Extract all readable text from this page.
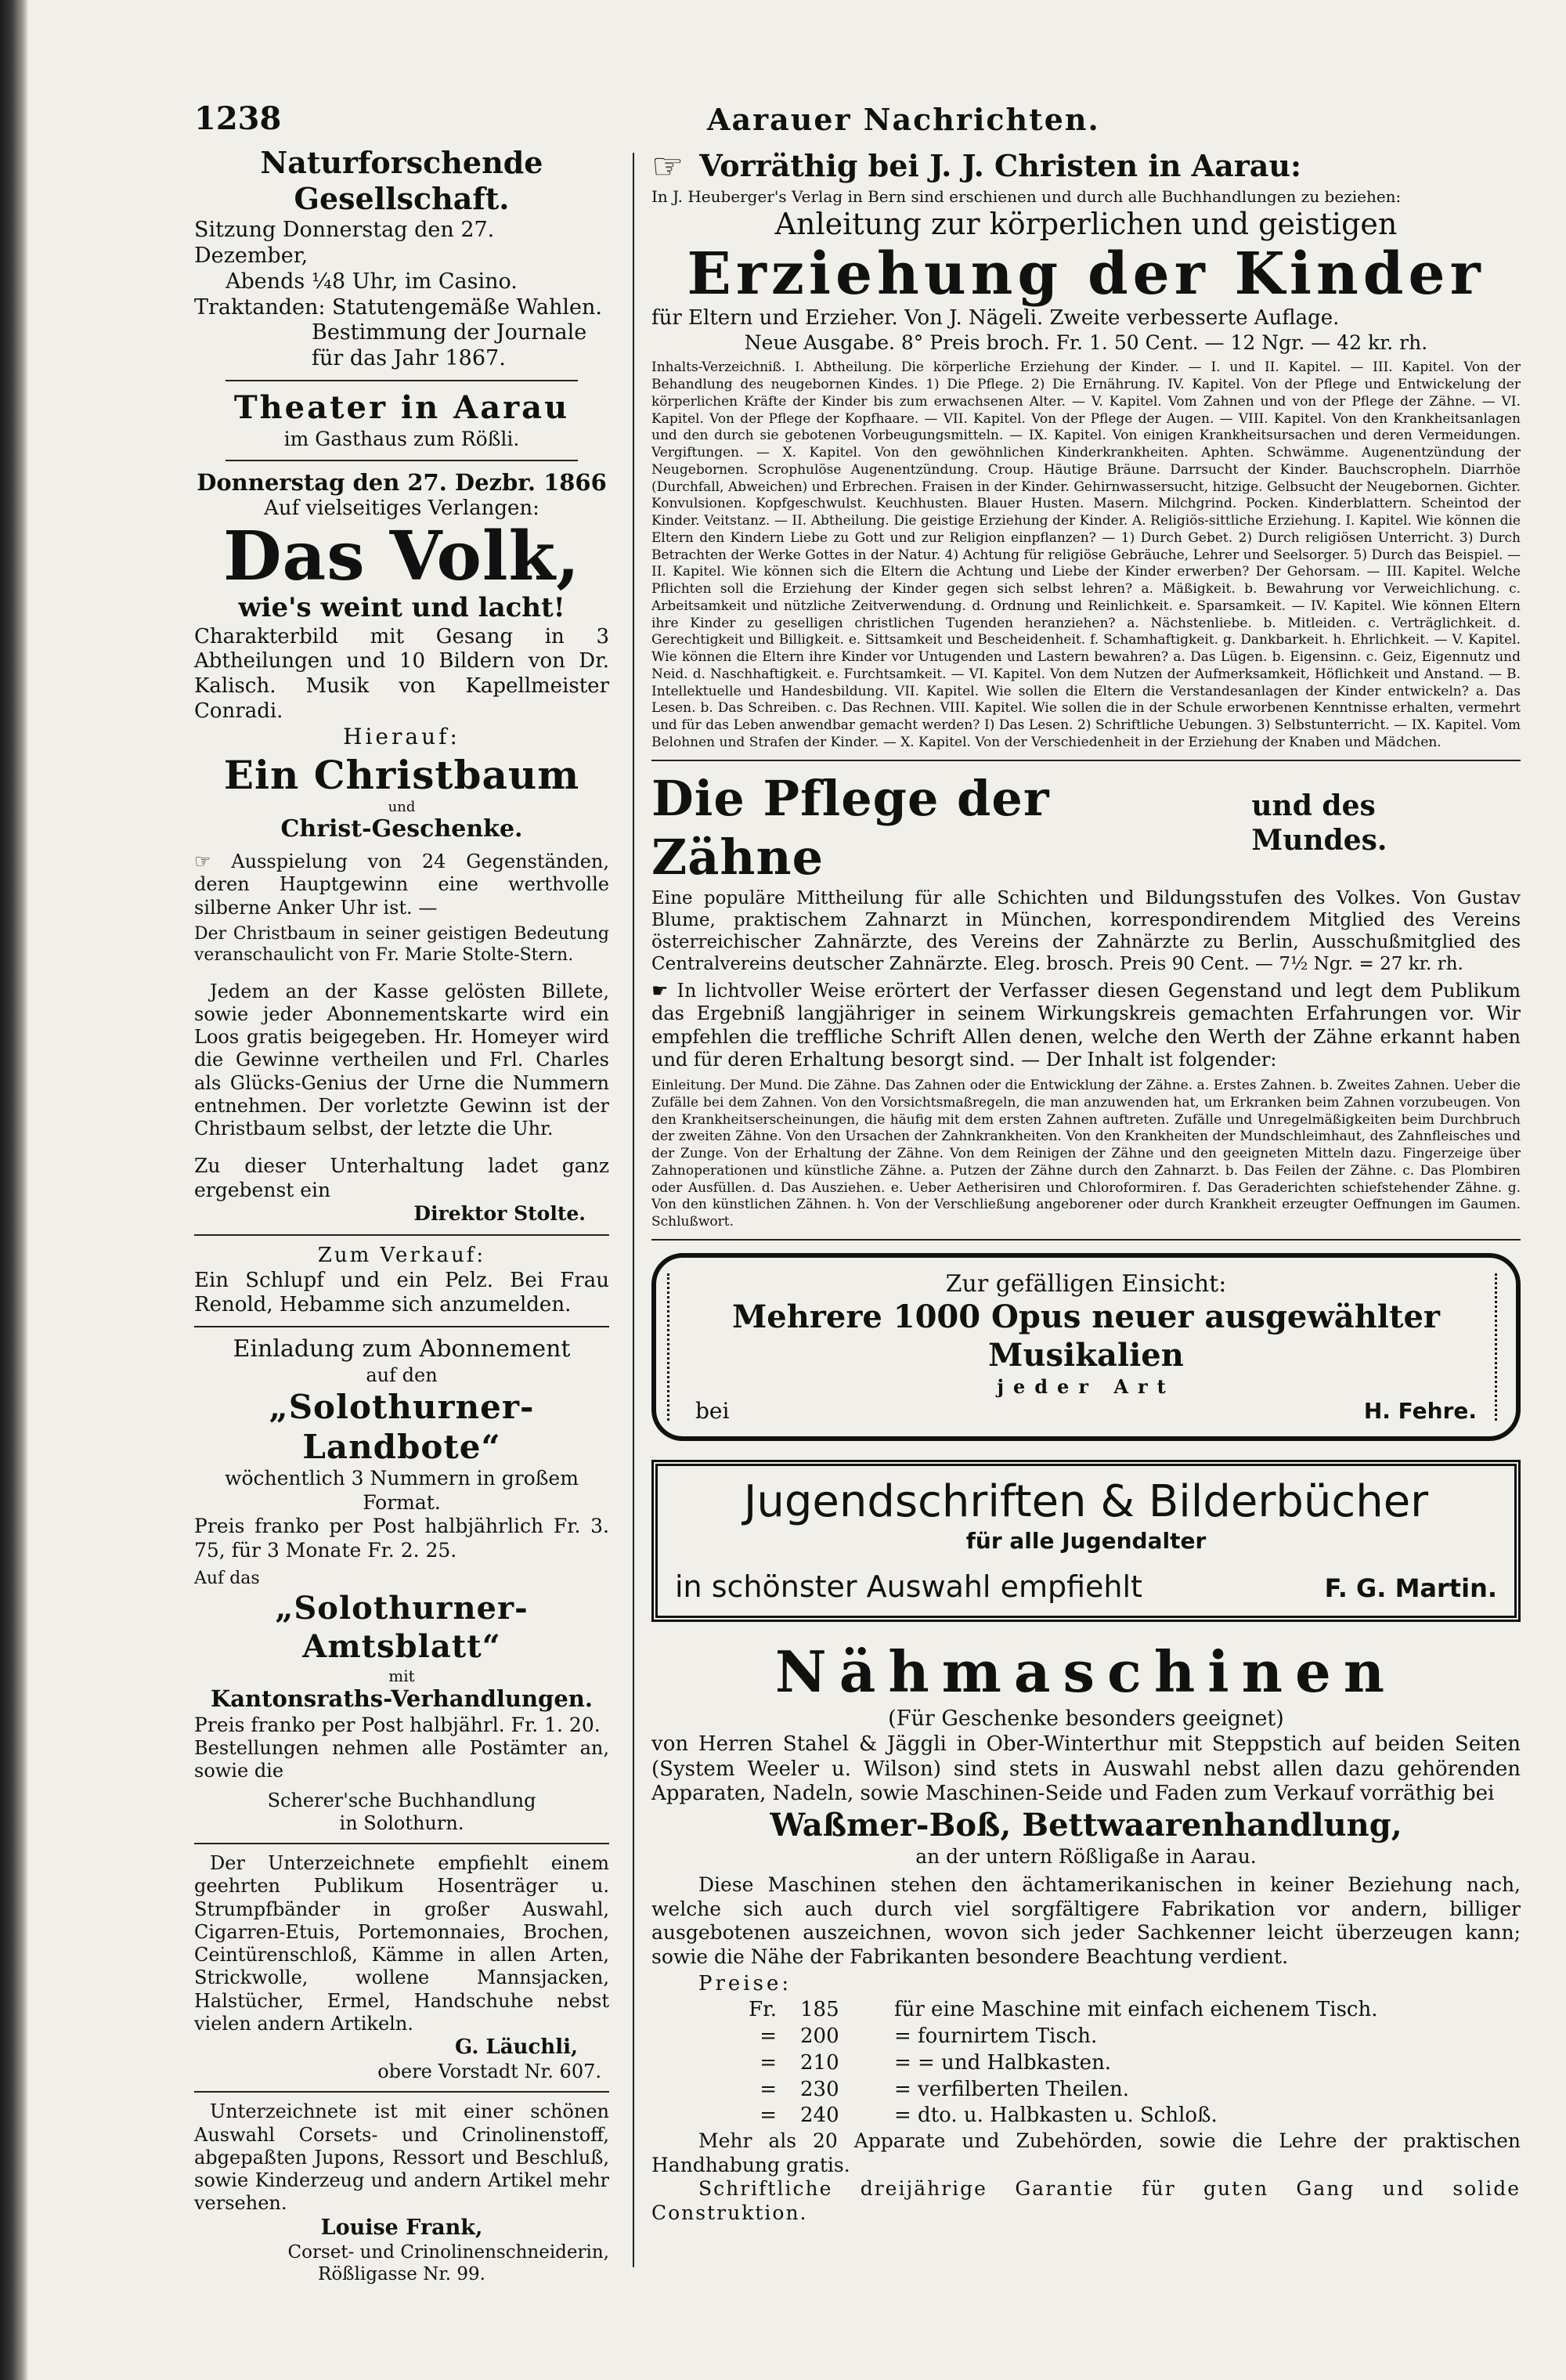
1238	Aarauer Nachrichten.

Naturforschende Gesellschaft.

Sitzung Donnerstag den 27. Dezember,

Abends ¼8 Uhr, im Casino.

Traktanden: Statutengemäße Wahlen.

Bestimmung der Journale

für das Jahr 1867.

Theater in Aarau

im Gasthaus zum Rößli.

Donnerstag den 27. Dezbr. 1866

Auf vielseitiges Verlangen:

Das Volk,

wie's weint und lacht!

Charakterbild mit Gesang in 3 Abtheilungen und 10 Bildern von Dr. Kalisch. Musik von Kapellmeister Conradi.

Hierauf:

Ein Christbaum

und

Christ-Geschenke.

☞ Ausspielung von 24 Gegenständen, deren Hauptgewinn eine werthvolle silberne Anker Uhr ist. —

Der Christbaum in seiner geistigen Bedeutung veranschaulicht von Fr. Marie Stolte-Stern.

Jedem an der Kasse gelösten Billete, sowie jeder Abonnementskarte wird ein Loos gratis beigegeben. Hr. Homeyer wird die Gewinne vertheilen und Frl. Charles als Glücks-Genius der Urne die Nummern entnehmen. Der vorletzte Gewinn ist der Christbaum selbst, der letzte die Uhr.

Zu dieser Unterhaltung ladet ganz ergebenst ein

Direktor Stolte.

Zum Verkauf:

Ein Schlupf und ein Pelz. Bei Frau Renold, Hebamme sich anzumelden.

Einladung zum Abonnement

auf den

„Solothurner-Landbote“

wöchentlich 3 Nummern in großem Format.

Preis franko per Post halbjährlich Fr. 3. 75, für 3 Monate Fr. 2. 25.

Auf das

„Solothurner-Amtsblatt“

mit

Kantonsraths-Verhandlungen.

Preis franko per Post halbjährl. Fr. 1. 20.

Bestellungen nehmen alle Postämter an, sowie die

Scherer'sche Buchhandlung

in Solothurn.

Der Unterzeichnete empfiehlt einem geehrten Publikum Hosenträger u. Strumpfbänder in großer Auswahl, Cigarren-Etuis, Portemonnaies, Brochen, Ceintürenschloß, Kämme in allen Arten, Strickwolle, wollene Mannsjacken, Halstücher, Ermel, Handschuhe nebst vielen andern Artikeln.

G. Läuchli,

obere Vorstadt Nr. 607.

Unterzeichnete ist mit einer schönen Auswahl Corsets- und Crinolinenstoff, abgepaßten Jupons, Ressort und Beschluß, sowie Kinderzeug und andern Artikel mehr versehen.

Louise Frank,

Corset- und Crinolinenschneiderin,

Rößligasse Nr. 99.

☞ Vorräthig bei J. J. Christen in Aarau:

In J. Heuberger's Verlag in Bern sind erschienen und durch alle Buchhandlungen zu beziehen:

Anleitung zur körperlichen und geistigen

Erziehung der Kinder

für Eltern und Erzieher. Von J. Nägeli. Zweite verbesserte Auflage.

Neue Ausgabe. 8° Preis broch. Fr. 1. 50 Cent. — 12 Ngr. — 42 kr. rh.

Inhalts-Verzeichniß. I. Abtheilung. Die körperliche Erziehung der Kinder. — I. und II. Kapitel. — III. Kapitel. Von der Behandlung des neugebornen Kindes. 1) Die Pflege. 2) Die Ernährung. IV. Kapitel. Von der Pflege und Entwickelung der körperlichen Kräfte der Kinder bis zum erwachsenen Alter. — V. Kapitel. Vom Zahnen und von der Pflege der Zähne. — VI. Kapitel. Von der Pflege der Kopfhaare. — VII. Kapitel. Von der Pflege der Augen. — VIII. Kapitel. Von den Krankheitsanlagen und den durch sie gebotenen Vorbeugungsmitteln. — IX. Kapitel. Von einigen Krankheitsursachen und deren Vermeidungen. Vergiftungen. — X. Kapitel. Von den gewöhnlichen Kinderkrankheiten. Aphten. Schwämme. Augenentzündung der Neugebornen. Scrophulöse Augenentzündung. Croup. Häutige Bräune. Darrsucht der Kinder. Bauchscropheln. Diarrhöe (Durchfall, Abweichen) und Erbrechen. Fraisen in der Kinder. Gehirnwassersucht, hitzige. Gelbsucht der Neugebornen. Gichter. Konvulsionen. Kopfgeschwulst. Keuchhusten. Blauer Husten. Masern. Milchgrind. Pocken. Kinderblattern. Scheintod der Kinder. Veitstanz. — II. Abtheilung. Die geistige Erziehung der Kinder. A. Religiös-sittliche Erziehung. I. Kapitel. Wie können die Eltern den Kindern Liebe zu Gott und zur Religion einpflanzen? — 1) Durch Gebet. 2) Durch religiösen Unterricht. 3) Durch Betrachten der Werke Gottes in der Natur. 4) Achtung für religiöse Gebräuche, Lehrer und Seelsorger. 5) Durch das Beispiel. — II. Kapitel. Wie können sich die Eltern die Achtung und Liebe der Kinder erwerben? Der Gehorsam. — III. Kapitel. Welche Pflichten soll die Erziehung der Kinder gegen sich selbst lehren? a. Mäßigkeit. b. Bewahrung vor Verweichlichung. c. Arbeitsamkeit und nützliche Zeitverwendung. d. Ordnung und Reinlichkeit. e. Sparsamkeit. — IV. Kapitel. Wie können Eltern ihre Kinder zu geselligen christlichen Tugenden heranziehen? a. Nächstenliebe. b. Mitleiden. c. Verträglichkeit. d. Gerechtigkeit und Billigkeit. e. Sittsamkeit und Bescheidenheit. f. Schamhaftigkeit. g. Dankbarkeit. h. Ehrlichkeit. — V. Kapitel. Wie können die Eltern ihre Kinder vor Untugenden und Lastern bewahren? a. Das Lügen. b. Eigensinn. c. Geiz, Eigennutz und Neid. d. Naschhaftigkeit. e. Furchtsamkeit. — VI. Kapitel. Von dem Nutzen der Aufmerksamkeit, Höflichkeit und Anstand. — B. Intellektuelle und Handesbildung. VII. Kapitel. Wie sollen die Eltern die Verstandesanlagen der Kinder entwickeln? a. Das Lesen. b. Das Schreiben. c. Das Rechnen. VIII. Kapitel. Wie sollen die in der Schule erworbenen Kenntnisse erhalten, vermehrt und für das Leben anwendbar gemacht werden? I) Das Lesen. 2) Schriftliche Uebungen. 3) Selbstunterricht. — IX. Kapitel. Vom Belohnen und Strafen der Kinder. — X. Kapitel. Von der Verschiedenheit in der Erziehung der Knaben und Mädchen.

Die Pflege der Zähne

und des Mundes.

Eine populäre Mittheilung für alle Schichten und Bildungsstufen des Volkes. Von Gustav Blume, praktischem Zahnarzt in München, korrespondirendem Mitglied des Vereins österreichischer Zahnärzte, des Vereins der Zahnärzte zu Berlin, Ausschußmitglied des Centralvereins deutscher Zahnärzte. Eleg. brosch. Preis 90 Cent. — 7½ Ngr. = 27 kr. rh.

☛ In lichtvoller Weise erörtert der Verfasser diesen Gegenstand und legt dem Publikum das Ergebniß langjähriger in seinem Wirkungskreis gemachten Erfahrungen vor. Wir empfehlen die treffliche Schrift Allen denen, welche den Werth der Zähne erkannt haben und für deren Erhaltung besorgt sind. — Der Inhalt ist folgender:

Einleitung. Der Mund. Die Zähne. Das Zahnen oder die Entwicklung der Zähne. a. Erstes Zahnen. b. Zweites Zahnen. Ueber die Zufälle bei dem Zahnen. Von den Vorsichtsmaßregeln, die man anzuwenden hat, um Erkranken beim Zahnen vorzubeugen. Von den Krankheitserscheinungen, die häufig mit dem ersten Zahnen auftreten. Zufälle und Unregelmäßigkeiten beim Durchbruch der zweiten Zähne. Von den Ursachen der Zahnkrankheiten. Von den Krankheiten der Mundschleimhaut, des Zahnfleisches und der Zunge. Von der Erhaltung der Zähne. Von dem Reinigen der Zähne und den geeigneten Mitteln dazu. Fingerzeige über Zahnoperationen und künstliche Zähne. a. Putzen der Zähne durch den Zahnarzt. b. Das Feilen der Zähne. c. Das Plombiren oder Ausfüllen. d. Das Ausziehen. e. Ueber Aetherisiren und Chloroformiren. f. Das Geraderichten schiefstehender Zähne. g. Von den künstlichen Zähnen. h. Von der Verschließung angeborener oder durch Krankheit erzeugter Oeffnungen im Gaumen. Schlußwort.

Zur gefälligen Einsicht:

Mehrere 1000 Opus neuer ausgewählter Musikalien

jeder Art

bei	H. Fehre.

Jugendschriften & Bilderbücher

für alle Jugendalter

in schönster Auswahl empfiehlt	F. G. Martin.

Nähmaschinen

(Für Geschenke besonders geeignet)

von Herren Stahel & Jäggli in Ober-Winterthur mit Steppstich auf beiden Seiten (System Weeler u. Wilson) sind stets in Auswahl nebst allen dazu gehörenden Apparaten, Nadeln, sowie Maschinen-Seide und Faden zum Verkauf vorräthig bei

Waßmer-Boß, Bettwaarenhandlung,

an der untern Rößligaße in Aarau.

Diese Maschinen stehen den ächtamerikanischen in keiner Beziehung nach, welche sich auch durch viel sorgfältigere Fabrikation vor andern, billiger ausgebotenen auszeichnen, wovon sich jeder Sachkenner leicht überzeugen kann; sowie die Nähe der Fabrikanten besondere Beachtung verdient.

Preise:

Fr.	185	für eine Maschine mit einfach eichenem Tisch.
=	200	= fournirtem Tisch.
=	210	= = und Halbkasten.
=	230	= verfilberten Theilen.
=	240	= dto. u. Halbkasten u. Schloß.

Mehr als 20 Apparate und Zubehörden, sowie die Lehre der praktischen Handhabung gratis.

Schriftliche dreijährige Garantie für guten Gang und solide Construktion.
